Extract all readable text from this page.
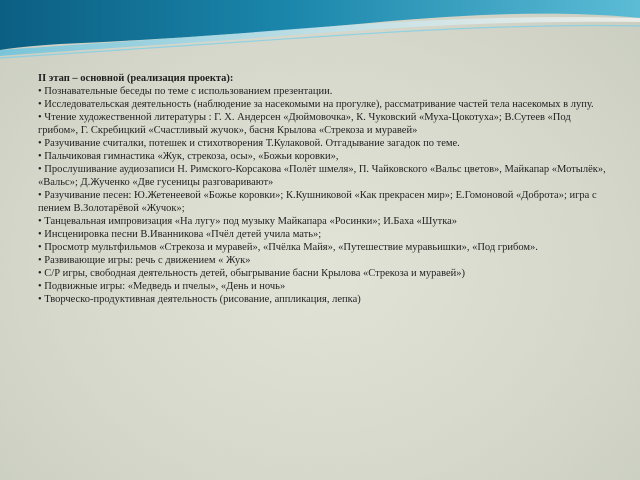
II этап – основной (реализация проекта):

• Познавательные беседы по теме с использованием презентации.

• Исследовательская деятельность (наблюдение за насекомыми на прогулке), рассматривание частей тела насекомых в лупу.

• Чтение художественной литературы : Г. Х. Андерсен «Дюймовочка», К. Чуковский «Муха-Цокотуха»; В.Сутеев «Под грибом», Г. Скребицкий «Счастливый жучок», басня Крылова «Стрекоза и муравей»

• Разучивание считалки, потешек и стихотворения Т.Кулаковой. Отгадывание загадок по теме.

• Пальчиковая гимнастика «Жук, стрекоза, осы», «Божьи коровки»,

• Прослушивание аудиозаписи Н. Римского-Корсакова «Полёт шмеля», П. Чайковского «Вальс цветов», Майкапар «Мотылёк», «Вальс»; Д.Жученко «Две гусеницы разговаривают»

• Разучивание песен: Ю.Жетенеевой «Божье коровки»; К.Кушниковой «Как прекрасен мир»; Е.Гомоновой «Доброта»; игра с пением В.Золотарёвой «Жучок»;

• Танцевальная импровизация «На лугу» под музыку Майкапара «Росинки»; И.Баха «Шутка»

• Инсценировка песни В.Иванникова «Пчёл детей учила мать»;

• Просмотр мультфильмов «Стрекоза и муравей», «Пчёлка Майя», «Путешествие муравьишки», «Под грибом».

• Развивающие игры: речь с движением « Жук»

• С/Р игры, свободная деятельность детей, обыгрывание басни Крылова «Стрекоза и муравей»)

• Подвижные игры: «Медведь и пчелы», «День и ночь»

• Творческо-продуктивная деятельность (рисование, аппликация, лепка)
